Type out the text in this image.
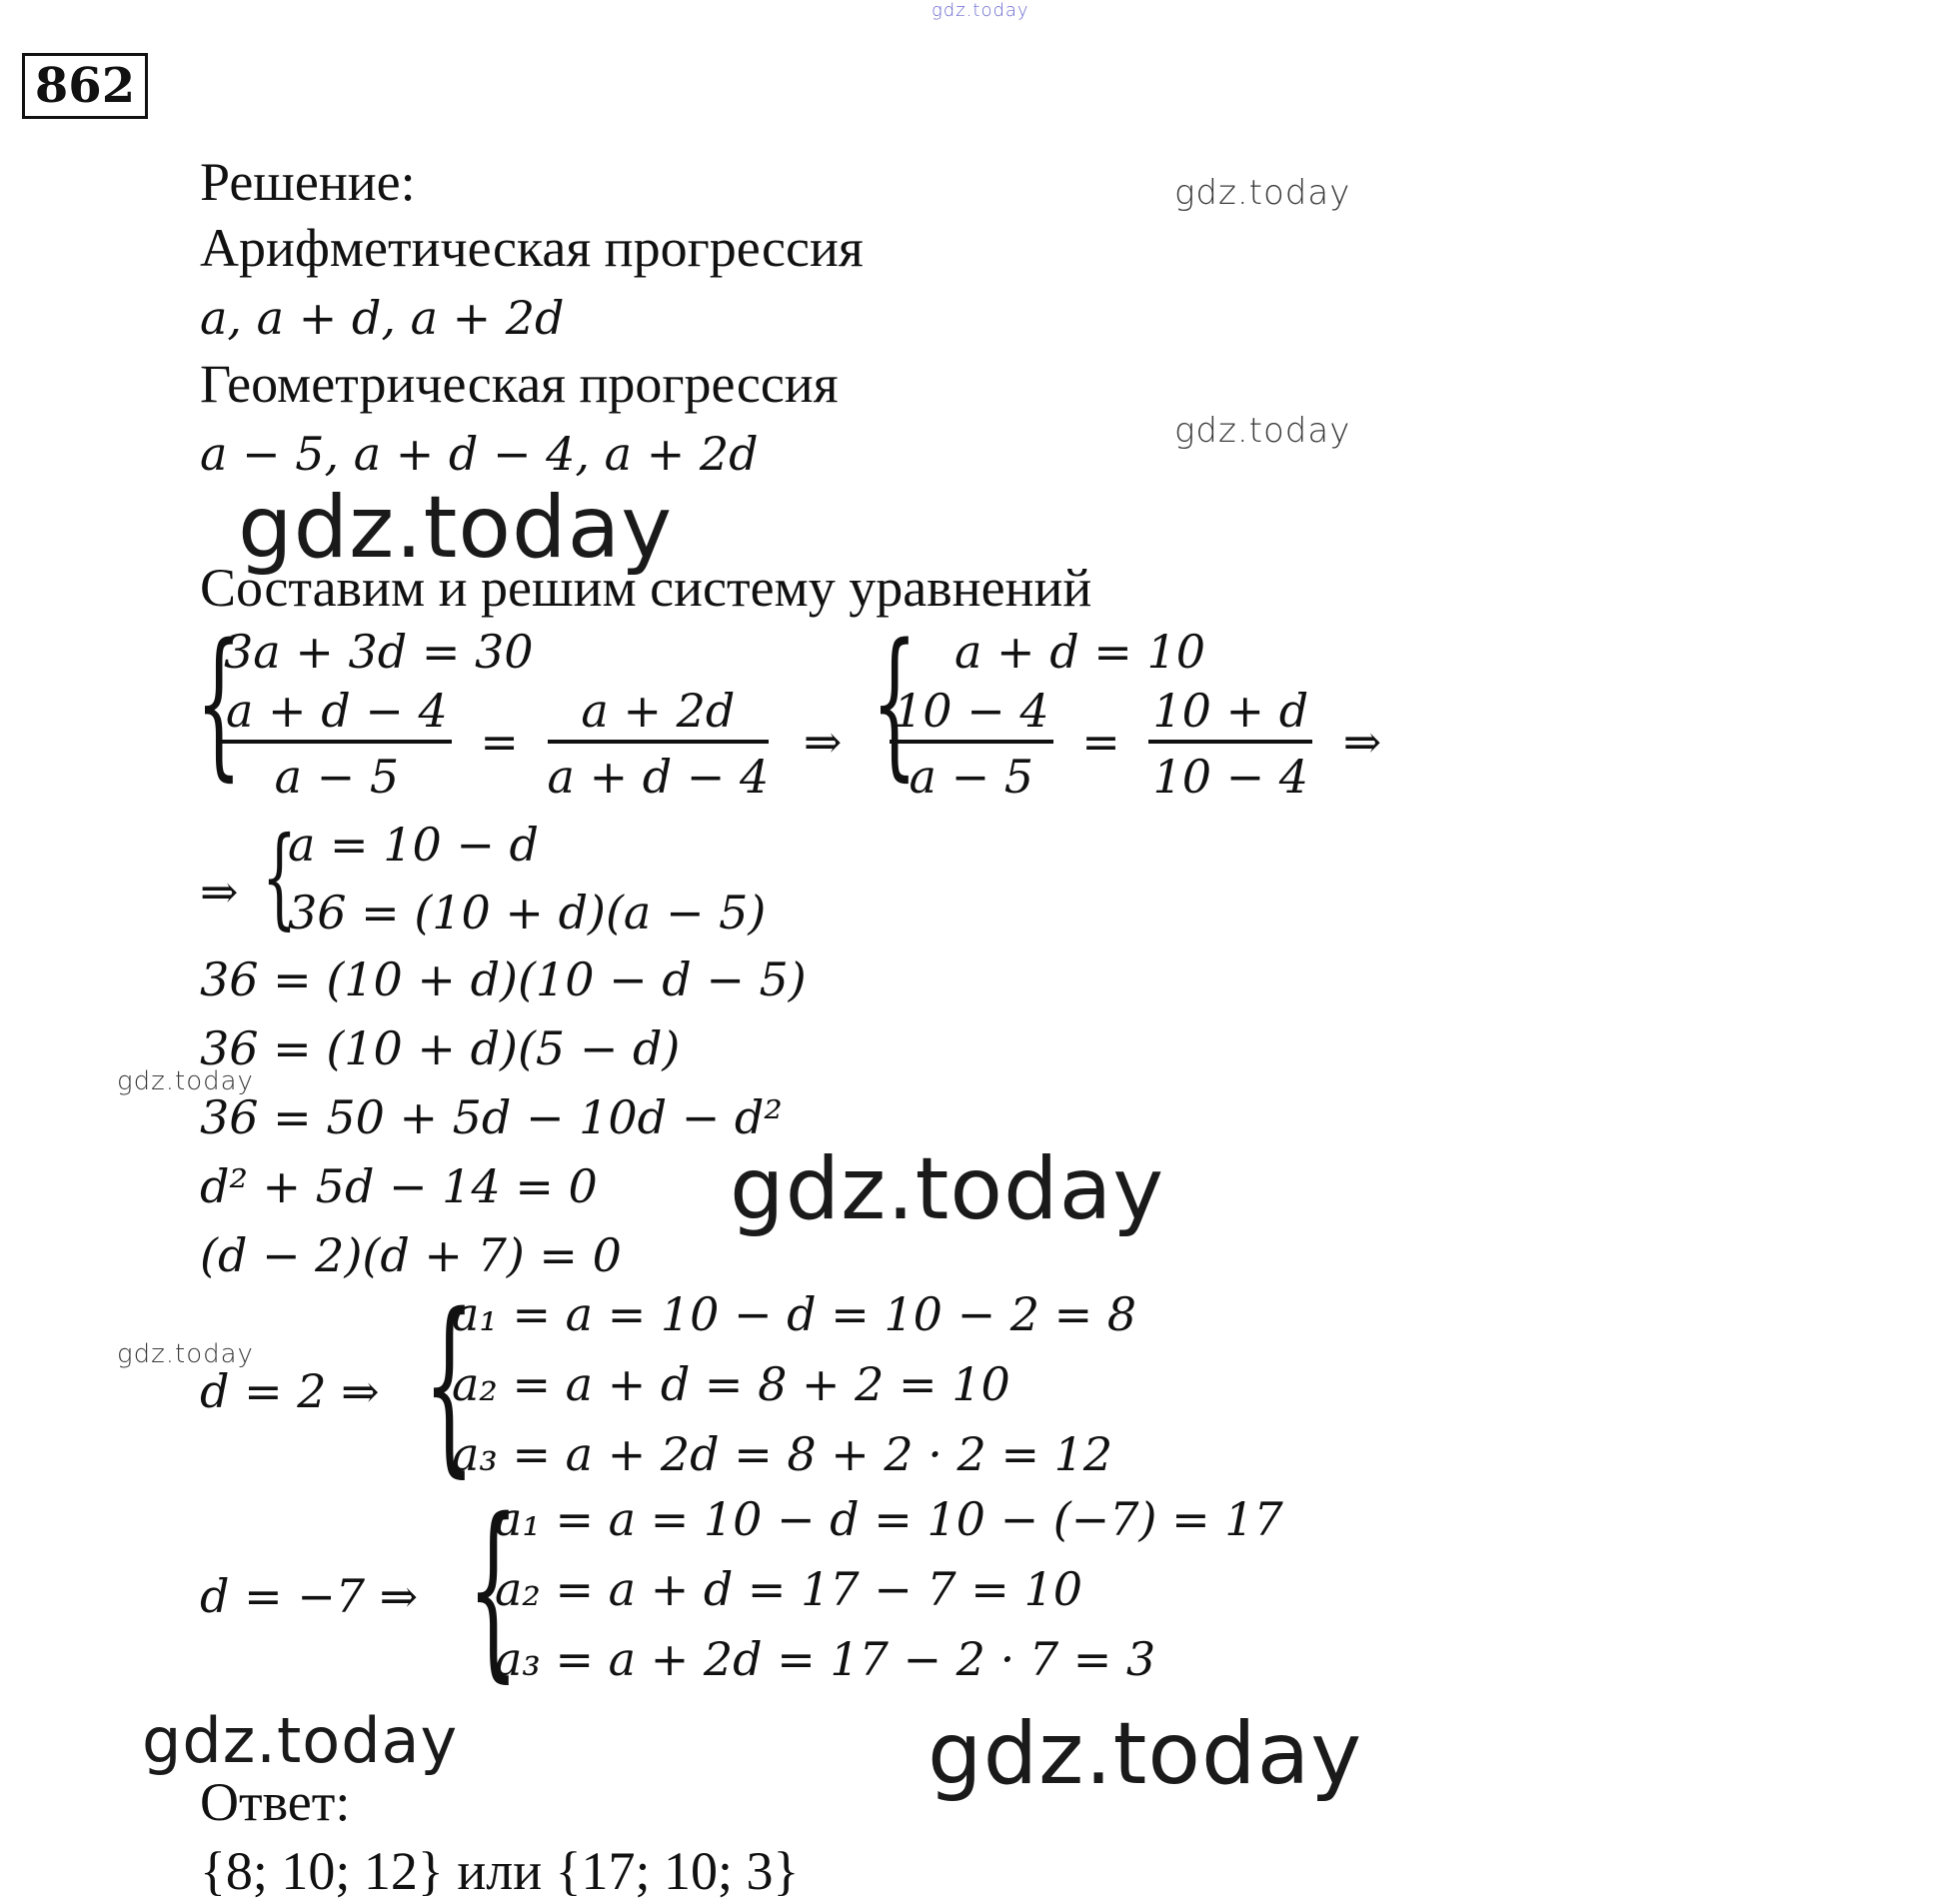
gdz.today
gdz.today
gdz.today
gdz.today
gdz.today
gdz.today
gdz.today
gdz.today	gdz.today
862
Решение:
Арифметическая прогрессия
a, a + d, a + 2d
Геометрическая прогрессия
a − 5, a + d − 4, a + 2d
Составим и решим систему уравнений
{
3a + 3d = 30
$\frac{a + d - 4}{a - 5} = \frac{a + 2d}{a + d - 4}$ ⇒ { a + d = 10
$\frac{10 - 4}{a - 5} = \frac{10 + d}{10 - 4}$ ⇒
⇒ {
a = 10 − d
36 = (10 + d)(a − 5)
36 = (10 + d)(10 − d − 5)
36 = (10 + d)(5 − d)
36 = 50 + 5d − 10d − d²
d² + 5d − 14 = 0
(d − 2)(d + 7) = 0
d = 2 ⇒ {
a₁ = a = 10 − d = 10 − 2 = 8
a₂ = a + d = 8 + 2 = 10
a₃ = a + 2d = 8 + 2 · 2 = 12
d = −7 ⇒ {
a₁ = a = 10 − d = 10 − (−7) = 17
a₂ = a + d = 17 − 7 = 10
a₃ = a + 2d = 17 − 2 · 7 = 3
Ответ:
{8; 10; 12} или {17; 10; 3}
